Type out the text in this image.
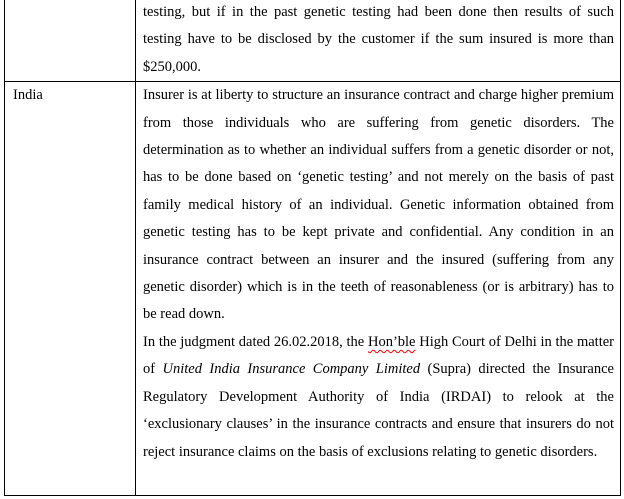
	testing, but if in the past genetic testing had been done then results of such testing have to be disclosed by the customer if the sum insured is more than $250,000.

India	Insurer is at liberty to structure an insurance contract and charge higher premium from those individuals who are suffering from genetic disorders. The determination as to whether an individual suffers from a genetic disorder or not, has to be done based on ‘genetic testing’ and not merely on the basis of past family medical history of an individual. Genetic information obtained from genetic testing has to be kept private and confidential. Any condition in an insurance contract between an insurer and the insured (suffering from any genetic disorder) which is in the teeth of reasonableness (or is arbitrary) has to be read down.

In the judgment dated 26.02.2018, the Hon’ble High Court of Delhi in the matter of United India Insurance Company Limited (Supra) directed the Insurance Regulatory Development Authority of India (IRDAI) to relook at the ‘exclusionary clauses’ in the insurance contracts and ensure that insurers do not reject insurance claims on the basis of exclusions relating to genetic disorders.
